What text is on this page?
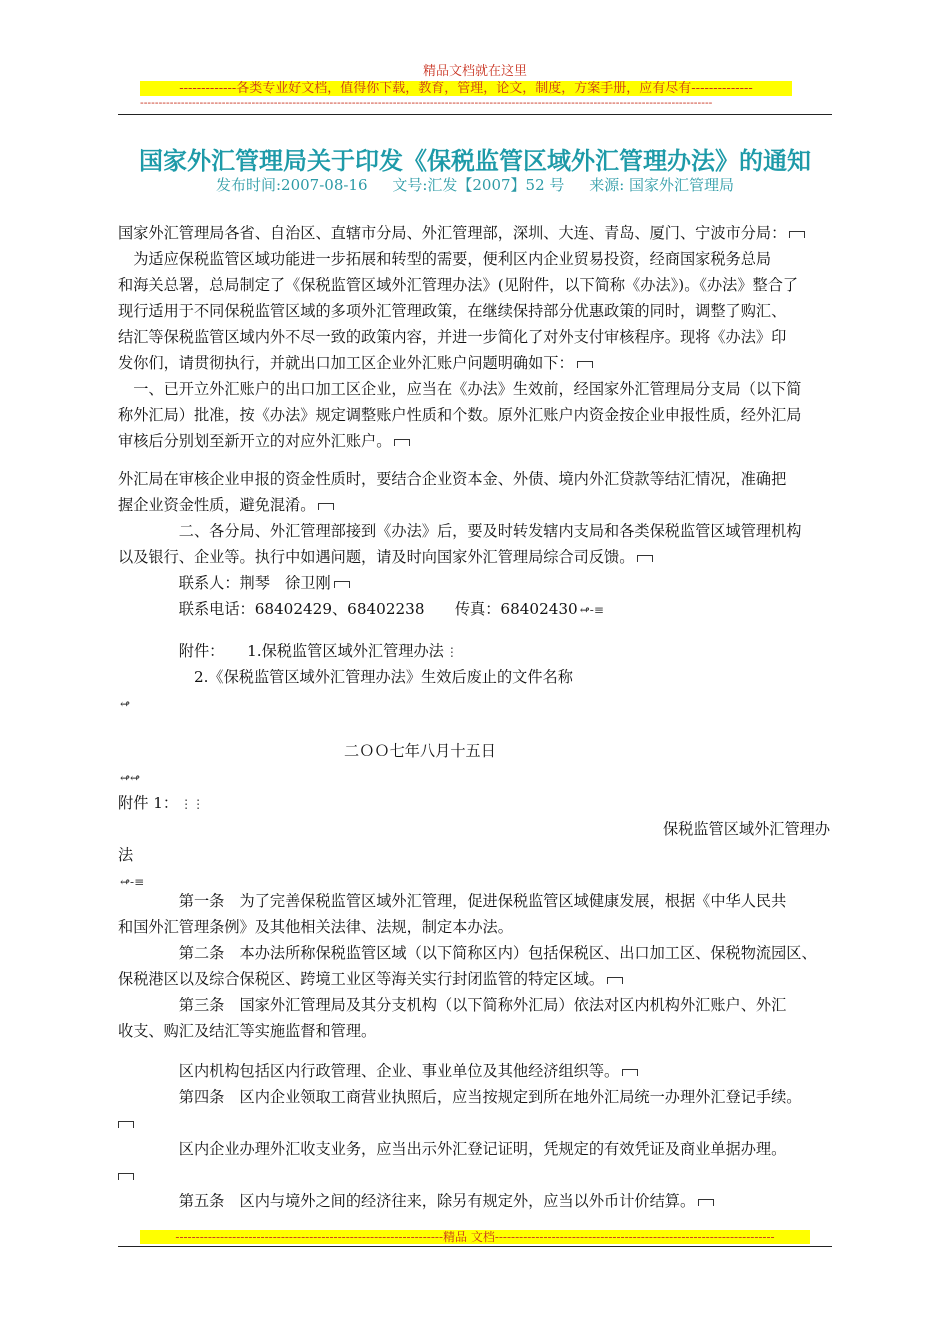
精品文档就在这里
-------------各类专业好文档，值得你下载，教育，管理，论文，制度，方案手册，应有尽有--------------
----------------------------------------------------------------------------------------------------------------------------------------------------------
国家外汇管理局关于印发《保税监管区域外汇管理办法》的通知
发布时间:2007-08-16 文号:汇发【2007】52 号 来源: 国家外汇管理局
国家外汇管理局各省、自治区、直辖市分局、外汇管理部，深圳、大连、青岛、厦门、宁波市分局：
　为适应保税监管区域功能进一步拓展和转型的需要，便利区内企业贸易投资，经商国家税务总局
和海关总署，总局制定了《保税监管区域外汇管理办法》(见附件，以下简称《办法》)。《办法》整合了
现行适用于不同保税监管区域的多项外汇管理政策，在继续保持部分优惠政策的同时，调整了购汇、
结汇等保税监管区域内外不尽一致的政策内容，并进一步简化了对外支付审核程序。现将《办法》印
发你们，请贯彻执行，并就出口加工区企业外汇账户问题明确如下：
　一、已开立外汇账户的出口加工区企业，应当在《办法》生效前，经国家外汇管理局分支局（以下简
称外汇局）批准，按《办法》规定调整账户性质和个数。原外汇账户内资金按企业申报性质，经外汇局
审核后分别划至新开立的对应外汇账户。
外汇局在审核企业申报的资金性质时，要结合企业资本金、外债、境内外汇贷款等结汇情况，准确把
握企业资金性质，避免混淆。
　　　　二、各分局、外汇管理部接到《办法》后，要及时转发辖内支局和各类保税监管区域管理机构
以及银行、企业等。执行中如遇问题，请及时向国家外汇管理局综合司反馈。
　　　　联系人：荆琴　徐卫刚
　　　　联系电话：68402429、68402238　　传真：68402430 ↫-≡
　　　　附件：　　1.保税监管区域外汇管理办法 ⋮
　　　　　2.《保税监管区域外汇管理办法》生效后废止的文件名称
↫
二ＯＯ七年八月十五日
↫↫
附件 1： ⋮⋮
保税监管区域外汇管理办
法
↫-≡
　　　　第一条　为了完善保税监管区域外汇管理，促进保税监管区域健康发展，根据《中华人民共
和国外汇管理条例》及其他相关法律、法规，制定本办法。
　　　　第二条　本办法所称保税监管区域（以下简称区内）包括保税区、出口加工区、保税物流园区、
保税港区以及综合保税区、跨境工业区等海关实行封闭监管的特定区域。
　　　　第三条　国家外汇管理局及其分支机构（以下简称外汇局）依法对区内机构外汇账户、外汇
收支、购汇及结汇等实施监督和管理。
　　　　区内机构包括区内行政管理、企业、事业单位及其他经济组织等。
　　　　第四条　区内企业领取工商营业执照后，应当按规定到所在地外汇局统一办理外汇登记手续。
　　　　区内企业办理外汇收支业务，应当出示外汇登记证明，凭规定的有效凭证及商业单据办理。
　　　　第五条　区内与境外之间的经济往来，除另有规定外，应当以外币计价结算。
------------------------------------------------------------------精品 文档---------------------------------------------------------------------
